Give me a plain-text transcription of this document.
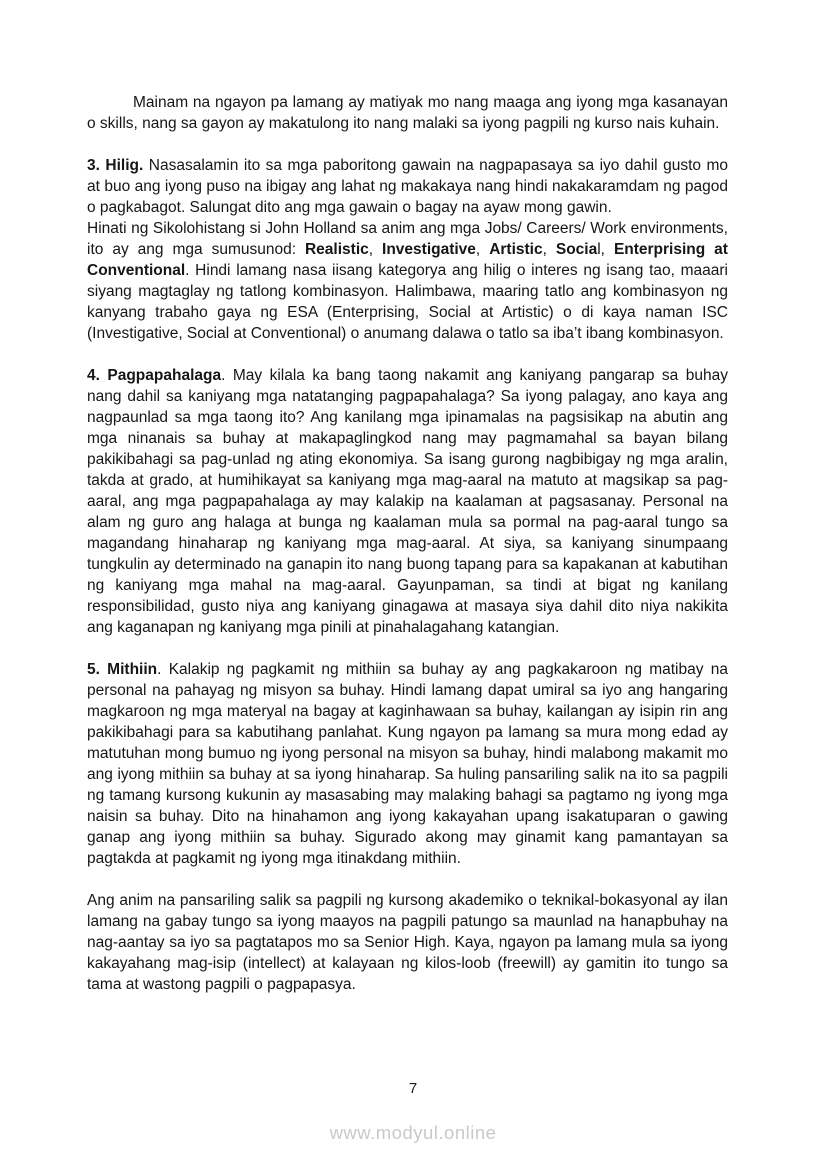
Mainam na ngayon pa lamang ay matiyak mo nang maaga ang iyong mga kasanayan o skills, nang sa gayon ay makatulong ito nang malaki sa iyong pagpili ng kurso nais kuhain.

3. Hilig. Nasasalamin ito sa mga paboritong gawain na nagpapasaya sa iyo dahil gusto mo at buo ang iyong puso na ibigay ang lahat ng makakaya nang hindi nakakaramdam ng pagod o pagkabagot. Salungat dito ang mga gawain o bagay na ayaw mong gawin.

Hinati ng Sikolohistang si John Holland sa anim ang mga Jobs/ Careers/ Work environments, ito ay ang mga sumusunod: Realistic, Investigative, Artistic, Social, Enterprising at Conventional. Hindi lamang nasa iisang kategorya ang hilig o interes ng isang tao, maaari siyang magtaglay ng tatlong kombinasyon. Halimbawa, maaring tatlo ang kombinasyon ng kanyang trabaho gaya ng ESA (Enterprising, Social at Artistic) o di kaya naman ISC (Investigative, Social at Conventional) o anumang dalawa o tatlo sa iba’t ibang kombinasyon.

4. Pagpapahalaga. May kilala ka bang taong nakamit ang kaniyang pangarap sa buhay nang dahil sa kaniyang mga natatanging pagpapahalaga? Sa iyong palagay, ano kaya ang nagpaunlad sa mga taong ito? Ang kanilang mga ipinamalas na pagsisikap na abutin ang mga ninanais sa buhay at makapaglingkod nang may pagmamahal sa bayan bilang pakikibahagi sa pag-unlad ng ating ekonomiya. Sa isang gurong nagbibigay ng mga aralin, takda at grado, at humihikayat sa kaniyang mga mag-aaral na matuto at magsikap sa pag-aaral, ang mga pagpapahalaga ay may kalakip na kaalaman at pagsasanay. Personal na alam ng guro ang halaga at bunga ng kaalaman mula sa pormal na pag-aaral tungo sa magandang hinaharap ng kaniyang mga mag-aaral. At siya, sa kaniyang sinumpaang tungkulin ay determinado na ganapin ito nang buong tapang para sa kapakanan at kabutihan ng kaniyang mga mahal na mag-aaral. Gayunpaman, sa tindi at bigat ng kanilang responsibilidad, gusto niya ang kaniyang ginagawa at masaya siya dahil dito niya nakikita ang kaganapan ng kaniyang mga pinili at pinahalagahang katangian.

5. Mithiin. Kalakip ng pagkamit ng mithiin sa buhay ay ang pagkakaroon ng matibay na personal na pahayag ng misyon sa buhay. Hindi lamang dapat umiral sa iyo ang hangaring magkaroon ng mga materyal na bagay at kaginhawaan sa buhay, kailangan ay isipin rin ang pakikibahagi para sa kabutihang panlahat. Kung ngayon pa lamang sa mura mong edad ay matutuhan mong bumuo ng iyong personal na misyon sa buhay, hindi malabong makamit mo ang iyong mithiin sa buhay at sa iyong hinaharap. Sa huling pansariling salik na ito sa pagpili ng tamang kursong kukunin ay masasabing may malaking bahagi sa pagtamo ng iyong mga naisin sa buhay. Dito na hinahamon ang iyong kakayahan upang isakatuparan o gawing ganap ang iyong mithiin sa buhay. Sigurado akong may ginamit kang pamantayan sa pagtakda at pagkamit ng iyong mga itinakdang mithiin.

Ang anim na pansariling salik sa pagpili ng kursong akademiko o teknikal-bokasyonal ay ilan lamang na gabay tungo sa iyong maayos na pagpili patungo sa maunlad na hanapbuhay na nag-aantay sa iyo sa pagtatapos mo sa Senior High. Kaya, ngayon pa lamang mula sa iyong kakayahang mag-isip (intellect) at kalayaan ng kilos-loob (freewill) ay gamitin ito tungo sa tama at wastong pagpili o pagpapasya.

7
www.modyul.online
